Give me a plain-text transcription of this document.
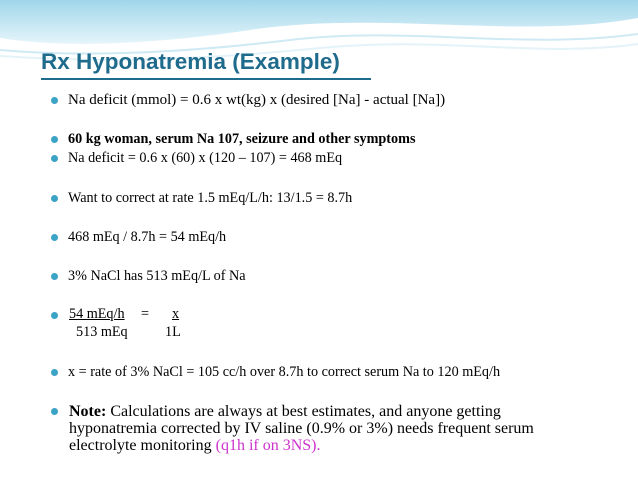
Rx Hyponatremia (Example)
Na deficit (mmol) = 0.6 x wt(kg) x (desired [Na] - actual [Na])
60 kg woman, serum Na 107, seizure and other symptoms
Na deficit = 0.6 x (60) x (120 – 107) = 468 mEq
Want to correct at rate 1.5 mEq/L/h: 13/1.5 = 8.7h
468 mEq / 8.7h = 54 mEq/h
3% NaCl has 513 mEq/L of Na
54 mEq/h =	x
513 mEq	1L
x = rate of 3% NaCl = 105 cc/h over 8.7h to correct serum Na to 120 mEq/h
Note: Calculations are always at best estimates, and anyone getting
hyponatremia corrected by IV saline (0.9% or 3%) needs frequent serum
electrolyte monitoring (q1h if on 3NS).
